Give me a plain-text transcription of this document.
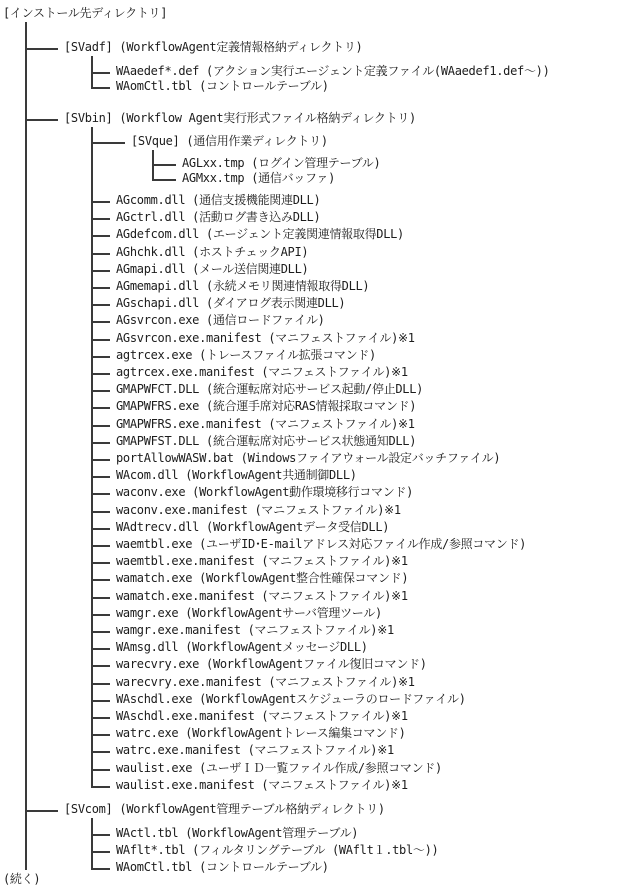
[インストール先ディレクトリ]
[SVadf] (WorkflowAgent定義情報格納ディレクトリ)
WAaedef*.def (アクション実行エージェント定義ファイル(WAaedef1.def～))
WAomCtl.tbl (コントロールテーブル)
[SVbin] (Workflow Agent実行形式ファイル格納ディレクトリ)
[SVque] (通信用作業ディレクトリ)
AGLxx.tmp (ログイン管理テーブル)
AGMxx.tmp (通信バッファ)
AGcomm.dll (通信支援機能関連DLL)
AGctrl.dll (活動ログ書き込みDLL)
AGdefcom.dll (エージェント定義関連情報取得DLL)
AGhchk.dll (ホストチェックAPI)
AGmapi.dll (メール送信関連DLL)
AGmemapi.dll (永続メモリ関連情報取得DLL)
AGschapi.dll (ダイアログ表示関連DLL)
AGsvrcon.exe (通信ロードファイル)
AGsvrcon.exe.manifest (マニフェストファイル)※1
agtrcex.exe (トレースファイル拡張コマンド)
agtrcex.exe.manifest (マニフェストファイル)※1
GMAPWFCT.DLL (統合運転席対応サービス起動/停止DLL)
GMAPWFRS.exe (統合運手席対応RAS情報採取コマンド)
GMAPWFRS.exe.manifest (マニフェストファイル)※1
GMAPWFST.DLL (統合運転席対応サービス状態通知DLL)
portAllowWASW.bat (Windowsファイアウォール設定バッチファイル)
WAcom.dll (WorkflowAgent共通制御DLL)
waconv.exe (WorkflowAgent動作環境移行コマンド)
waconv.exe.manifest (マニフェストファイル)※1
WAdtrecv.dll (WorkflowAgentデータ受信DLL)
waemtbl.exe (ユーザID･E-mailアドレス対応ファイル作成/参照コマンド)
waemtbl.exe.manifest (マニフェストファイル)※1
wamatch.exe (WorkflowAgent整合性確保コマンド)
wamatch.exe.manifest (マニフェストファイル)※1
wamgr.exe (WorkflowAgentサーバ管理ツール)
wamgr.exe.manifest (マニフェストファイル)※1
WAmsg.dll (WorkflowAgentメッセージDLL)
warecvry.exe (WorkflowAgentファイル復旧コマンド)
warecvry.exe.manifest (マニフェストファイル)※1
WAschdl.exe (WorkflowAgentスケジューラのロードファイル)
WAschdl.exe.manifest (マニフェストファイル)※1
watrc.exe (WorkflowAgentトレース編集コマンド)
watrc.exe.manifest (マニフェストファイル)※1
waulist.exe (ユーザＩＤ一覧ファイル作成/参照コマンド)
waulist.exe.manifest (マニフェストファイル)※1
[SVcom] (WorkflowAgent管理テーブル格納ディレクトリ)
WActl.tbl (WorkflowAgent管理テーブル)
WAflt*.tbl (フィルタリングテーブル (WAflt１.tbl～))
WAomCtl.tbl (コントロールテーブル)
(続く)
